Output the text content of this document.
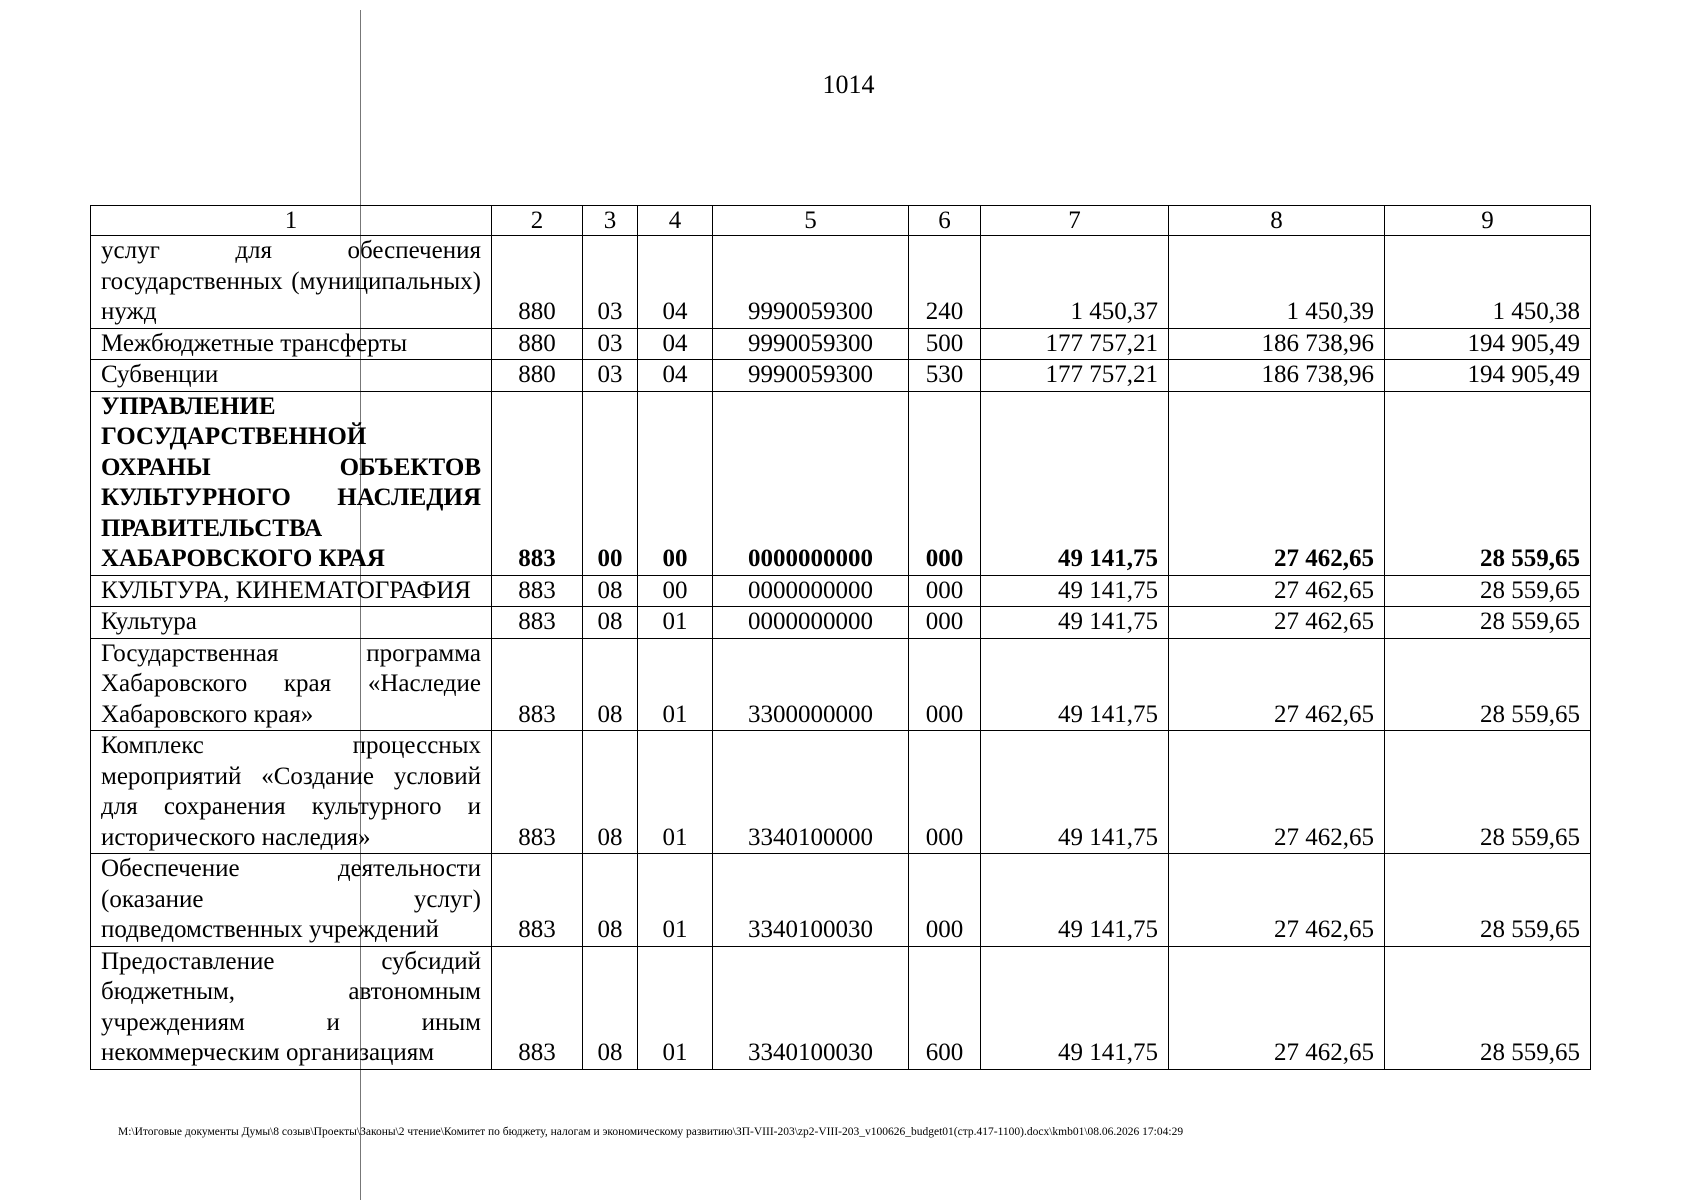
1014
1	2	3	4	5	6	7	8	9
услуг для обеспечения государственных (муниципальных) нужд	880	03	04	9990059300	240	1 450,37	1 450,39	1 450,38
Межбюджетные трансферты	880	03	04	9990059300	500	177 757,21	186 738,96	194 905,49
Субвенции	880	03	04	9990059300	530	177 757,21	186 738,96	194 905,49
УПРАВЛЕНИЕ ГОСУДАРСТВЕННОЙ ОХРАНЫ ОБЪЕКТОВ КУЛЬТУРНОГО НАСЛЕДИЯ ПРАВИТЕЛЬСТВА ХАБАРОВСКОГО КРАЯ	883	00	00	0000000000	000	49 141,75	27 462,65	28 559,65
КУЛЬТУРА, КИНЕМАТОГРАФИЯ	883	08	00	0000000000	000	49 141,75	27 462,65	28 559,65
Культура	883	08	01	0000000000	000	49 141,75	27 462,65	28 559,65
Государственная программа Хабаровского края «Наследие Хабаровского края»	883	08	01	3300000000	000	49 141,75	27 462,65	28 559,65
Комплекс процессных мероприятий «Создание условий для сохранения культурного и исторического наследия»	883	08	01	3340100000	000	49 141,75	27 462,65	28 559,65
Обеспечение деятельности (оказание услуг) подведомственных учреждений	883	08	01	3340100030	000	49 141,75	27 462,65	28 559,65
Предоставление субсидий бюджетным, автономным учреждениям и иным некоммерческим организациям	883	08	01	3340100030	600	49 141,75	27 462,65	28 559,65
M:\Итоговые документы Думы\8 созыв\Проекты\Законы\2 чтение\Комитет по бюджету, налогам и экономическому развитию\ЗП-VIII-203\zp2-VIII-203_v100626_budget01(стр.417-1100).docx\kmb01\08.06.2026 17:04:29
